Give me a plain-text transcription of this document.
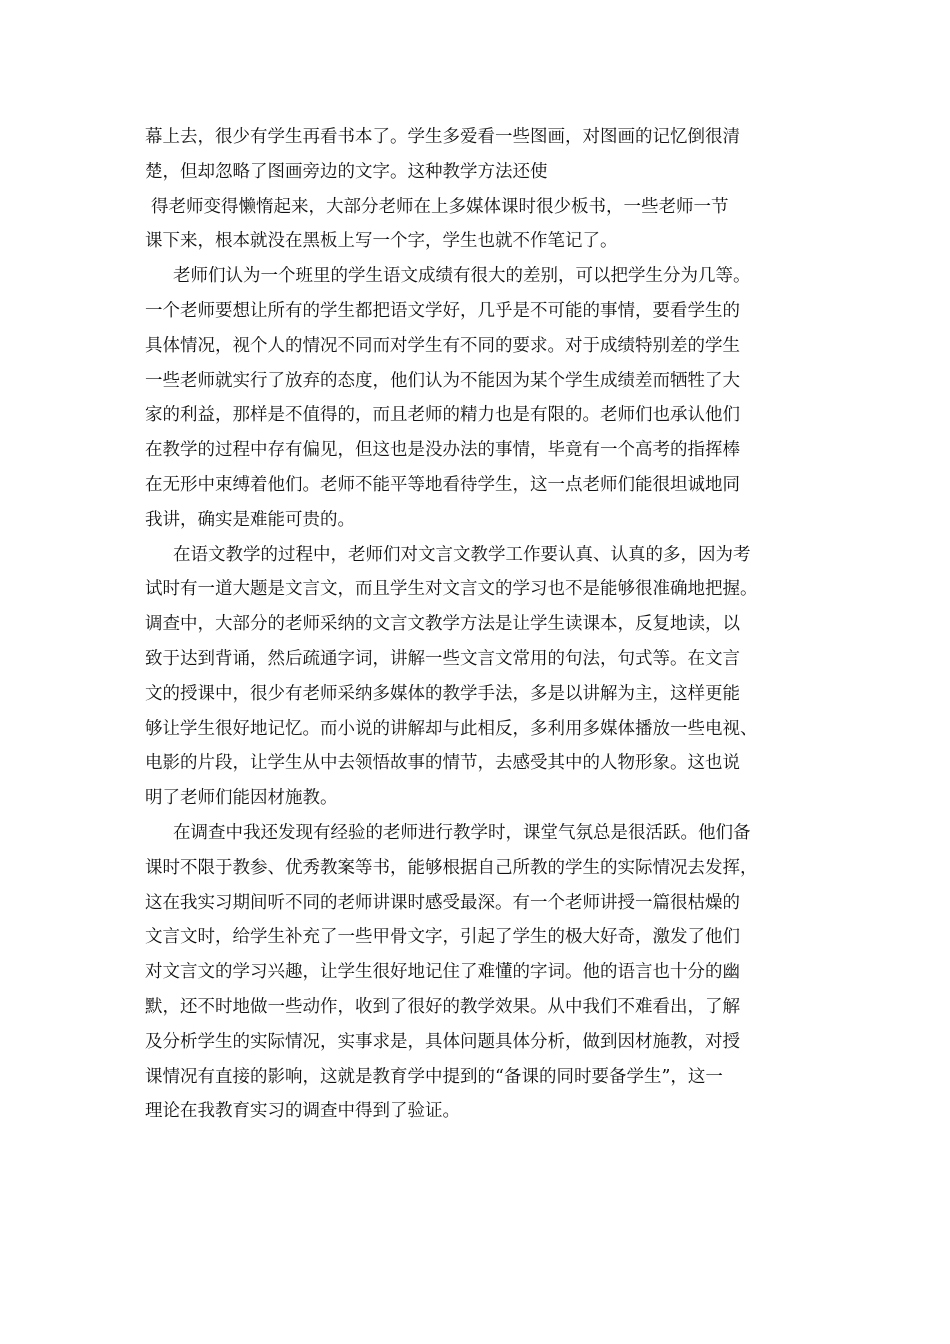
幕上去，很少有学生再看书本了。学生多爱看一些图画，对图画的记忆倒很清
楚，但却忽略了图画旁边的文字。这种教学方法还使
得老师变得懒惰起来，大部分老师在上多媒体课时很少板书，一些老师一节
课下来，根本就没在黑板上写一个字，学生也就不作笔记了。
老师们认为一个班里的学生语文成绩有很大的差别，可以把学生分为几等。
一个老师要想让所有的学生都把语文学好，几乎是不可能的事情，要看学生的
具体情况，视个人的情况不同而对学生有不同的要求。对于成绩特别差的学生
一些老师就实行了放弃的态度，他们认为不能因为某个学生成绩差而牺牲了大
家的利益，那样是不值得的，而且老师的精力也是有限的。老师们也承认他们
在教学的过程中存有偏见，但这也是没办法的事情，毕竟有一个高考的指挥棒
在无形中束缚着他们。老师不能平等地看待学生，这一点老师们能很坦诚地同
我讲，确实是难能可贵的。
在语文教学的过程中，老师们对文言文教学工作要认真、认真的多，因为考
试时有一道大题是文言文，而且学生对文言文的学习也不是能够很准确地把握。
调查中，大部分的老师采纳的文言文教学方法是让学生读课本，反复地读，以
致于达到背诵，然后疏通字词，讲解一些文言文常用的句法，句式等。在文言
文的授课中，很少有老师采纳多媒体的教学手法，多是以讲解为主，这样更能
够让学生很好地记忆。而小说的讲解却与此相反，多利用多媒体播放一些电视、
电影的片段，让学生从中去领悟故事的情节，去感受其中的人物形象。这也说
明了老师们能因材施教。
在调查中我还发现有经验的老师进行教学时，课堂气氛总是很活跃。他们备
课时不限于教参、优秀教案等书，能够根据自己所教的学生的实际情况去发挥，
这在我实习期间听不同的老师讲课时感受最深。有一个老师讲授一篇很枯燥的
文言文时，给学生补充了一些甲骨文字，引起了学生的极大好奇，激发了他们
对文言文的学习兴趣，让学生很好地记住了难懂的字词。他的语言也十分的幽
默，还不时地做一些动作，收到了很好的教学效果。从中我们不难看出，了解
及分析学生的实际情况，实事求是，具体问题具体分析，做到因材施教，对授
课情况有直接的影响，这就是教育学中提到的“备课的同时要备学生”，这一
理论在我教育实习的调查中得到了验证。
